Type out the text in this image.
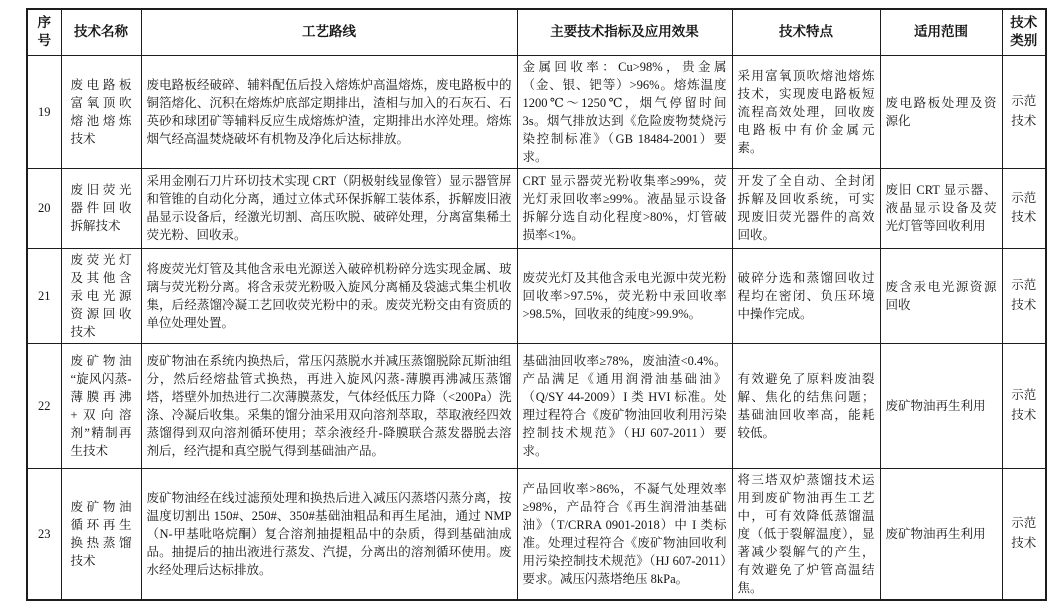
序号	技术名称	工艺路线	主要技术指标及应用效果	技术特点	适用范围	技术类别
19	废电路板富氧顶吹熔池熔炼技术	废电路板经破碎、辅料配伍后投入熔炼炉高温熔炼，废电路板中的铜箔熔化、沉积在熔炼炉底部定期排出，渣相与加入的石灰石、石英砂和球团矿等辅料反应生成熔炼炉渣，定期排出水淬处理。熔炼烟气经高温焚烧破坏有机物及净化后达标排放。	金属回收率：Cu>98%，贵金属（金、银、钯等）>96%。熔炼温度 1200℃～1250℃，烟气停留时间 3s。烟气排放达到《危险废物焚烧污染控制标准》（GB 18484-2001）要求。	采用富氧顶吹熔池熔炼技术，实现废电路板短流程高效处理，回收废电路板中有价金属元素。	废电路板处理及资源化	示范技术
20	废旧荧光器件回收拆解技术	采用金刚石刀片环切技术实现 CRT（阴极射线显像管）显示器管屏和管锥的自动化分离，通过立体式环保拆解工装体系，拆解废旧液晶显示设备后，经激光切割、高压吹脱、破碎处理，分离富集稀土荧光粉、回收汞。	CRT 显示器荧光粉收集率≥99%，荧光灯汞回收率≥99%。液晶显示设备拆解分选自动化程度>80%，灯管破损率<1%。	开发了全自动、全封闭拆解及回收系统，可实现废旧荧光器件的高效回收。	废旧 CRT 显示器、液晶显示设备及荧光灯管等回收利用	示范技术
21	废荧光灯及其他含汞电光源资源回收技术	将废荧光灯管及其他含汞电光源送入破碎机粉碎分选实现金属、玻璃与荧光粉分离。将含汞荧光粉吸入旋风分离桶及袋滤式集尘机收集，后经蒸馏冷凝工艺回收荧光粉中的汞。废荧光粉交由有资质的单位处理处置。	废荧光灯及其他含汞电光源中荧光粉回收率>97.5%，荧光粉中汞回收率>98.5%，回收汞的纯度>99.9%。	破碎分选和蒸馏回收过程均在密闭、负压环境中操作完成。	废含汞电光源资源回收	示范技术
22	废矿物油“旋风闪蒸-薄膜再沸+双向溶剂”精制再生技术	废矿物油在系统内换热后，常压闪蒸脱水并减压蒸馏脱除瓦斯油组分，然后经熔盐管式换热，再进入旋风闪蒸-薄膜再沸减压蒸馏塔，塔壁外加热进行二次薄膜蒸发，气体经低压力降（<200Pa）洗涤、冷凝后收集。采集的馏分油采用双向溶剂萃取，萃取液经四效蒸馏得到双向溶剂循环使用；萃余液经升-降膜联合蒸发器脱去溶剂后，经汽提和真空脱气得到基础油产品。	基础油回收率≥78%，废油渣<0.4%。产品满足《通用润滑油基础油》（Q/SY 44-2009）I 类 HVI 标准。处理过程符合《废矿物油回收利用污染控制技术规范》（HJ 607-2011）要求。	有效避免了原料废油裂解、焦化的结焦问题；基础油回收率高，能耗较低。	废矿物油再生利用	示范技术
23	废矿物油循环再生换热蒸馏技术	废矿物油经在线过滤预处理和换热后进入减压闪蒸塔闪蒸分离，按温度切割出 150#、250#、350#基础油粗品和再生尾油，通过 NMP（N-甲基吡咯烷酮）复合溶剂抽提粗品中的杂质，得到基础油成品。抽提后的抽出液进行蒸发、汽提，分离出的溶剂循环使用。废水经处理后达标排放。	产品回收率>86%，不凝气处理效率≥98%，产品符合《再生润滑油基础油》（T/CRRA 0901-2018）中 I 类标准。处理过程符合《废矿物油回收利用污染控制技术规范》（HJ 607-2011）要求。减压闪蒸塔绝压 8kPa。	将三塔双炉蒸馏技术运用到废矿物油再生工艺中，可有效降低蒸馏温度（低于裂解温度），显著减少裂解气的产生，有效避免了炉管高温结焦。	废矿物油再生利用	示范技术
